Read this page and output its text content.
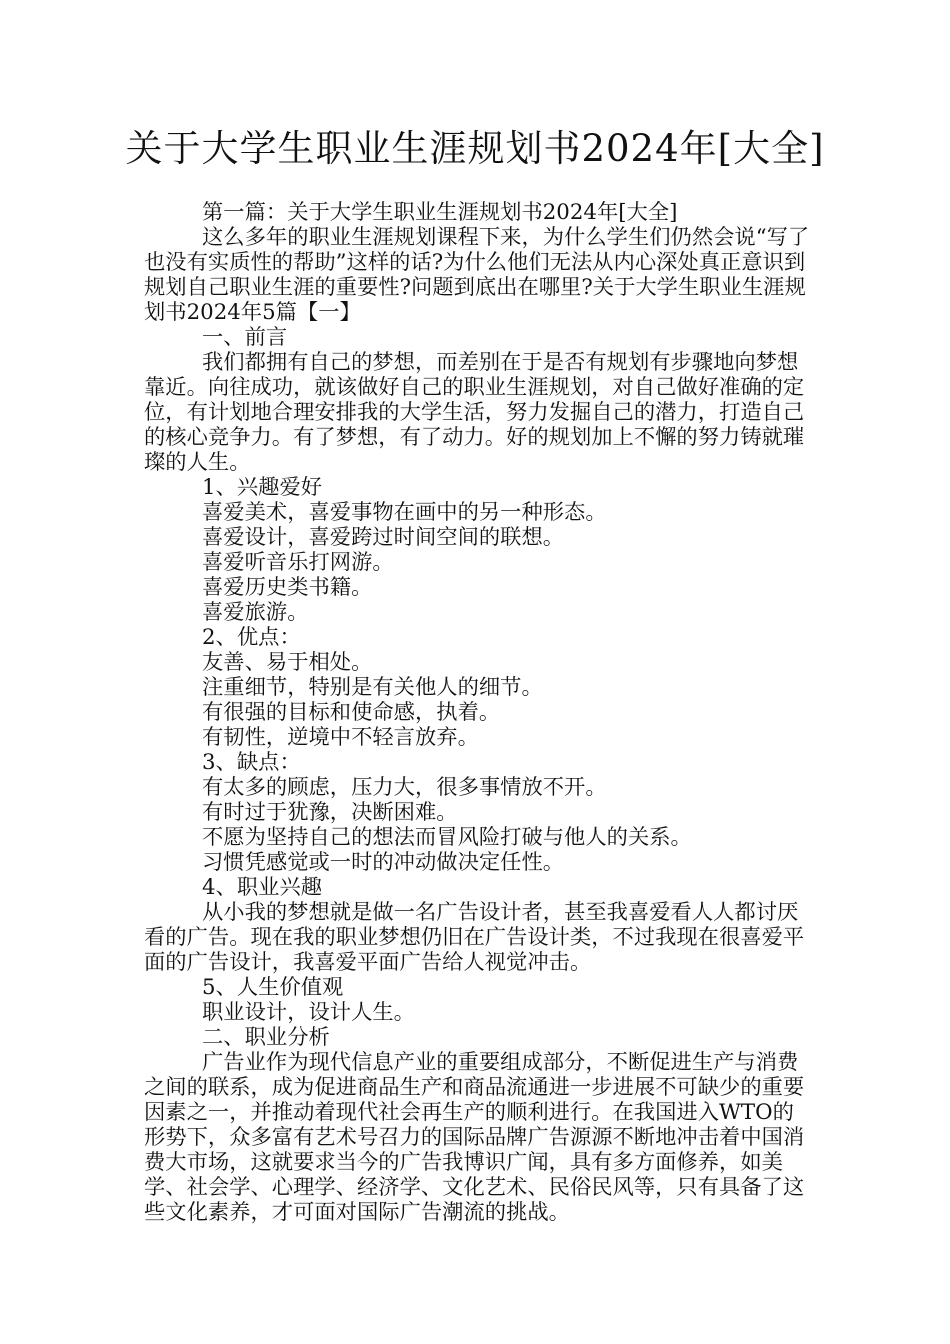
关于大学生职业生涯规划书2024年[大全]

第一篇：关于大学生职业生涯规划书2024年[大全]

这么多年的职业生涯规划课程下来，为什么学生们仍然会说“写了也没有实质性的帮助”这样的话?为什么他们无法从内心深处真正意识到规划自己职业生涯的重要性?问题到底出在哪里?关于大学生职业生涯规划书2024年5篇【一】

一、前言

我们都拥有自己的梦想，而差别在于是否有规划有步骤地向梦想靠近。向往成功，就该做好自己的职业生涯规划，对自己做好准确的定位，有计划地合理安排我的大学生活，努力发掘自己的潜力，打造自己的核心竞争力。有了梦想，有了动力。好的规划加上不懈的努力铸就璀璨的人生。

1、兴趣爱好

喜爱美术，喜爱事物在画中的另一种形态。

喜爱设计，喜爱跨过时间空间的联想。

喜爱听音乐打网游。

喜爱历史类书籍。

喜爱旅游。

2、优点：

友善、易于相处。

注重细节，特别是有关他人的细节。

有很强的目标和使命感，执着。

有韧性，逆境中不轻言放弃。

3、缺点：

有太多的顾虑，压力大，很多事情放不开。

有时过于犹豫，决断困难。

不愿为坚持自己的想法而冒风险打破与他人的关系。

习惯凭感觉或一时的冲动做决定任性。

4、职业兴趣

从小我的梦想就是做一名广告设计者，甚至我喜爱看人人都讨厌看的广告。现在我的职业梦想仍旧在广告设计类，不过我现在很喜爱平面的广告设计，我喜爱平面广告给人视觉冲击。

5、人生价值观

职业设计，设计人生。

二、职业分析

广告业作为现代信息产业的重要组成部分，不断促进生产与消费之间的联系，成为促进商品生产和商品流通进一步进展不可缺少的重要因素之一，并推动着现代社会再生产的顺利进行。在我国进入WTO的形势下，众多富有艺术号召力的国际品牌广告源源不断地冲击着中国消费大市场，这就要求当今的广告我博识广闻，具有多方面修养，如美学、社会学、心理学、经济学、文化艺术、民俗民风等，只有具备了这些文化素养，才可面对国际广告潮流的挑战。
